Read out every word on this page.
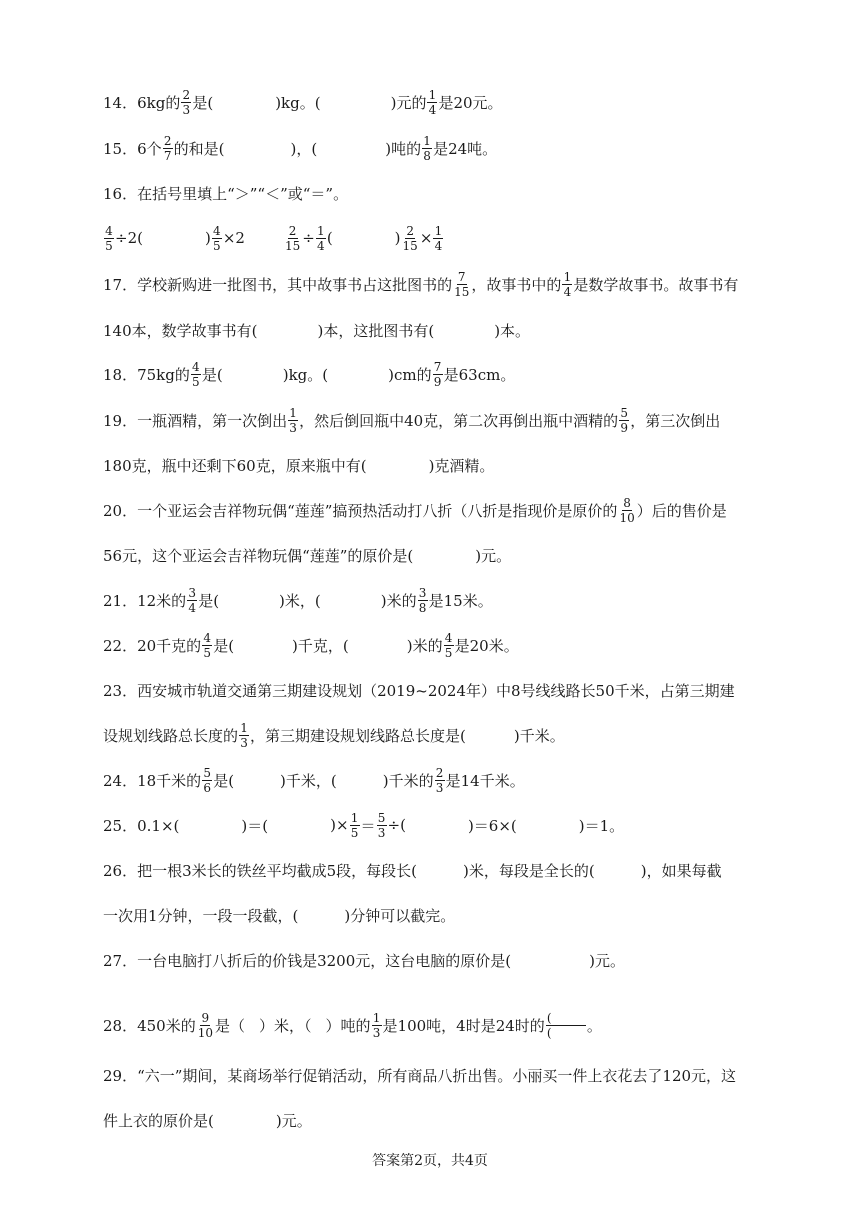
14．6kg的 $\frac{2}{3}$ 是(	)kg。(	)元的 $\frac{1}{4}$ 是20元。
15．6个 $\frac{2}{7}$ 的和是(	)，(	)吨的 $\frac{1}{8}$ 是24吨。
16．在括号里填上“＞”“＜”或“＝”。
$\frac{4}{5} \div 2$(	) $\frac{4}{5} \times 2$	$\frac{2}{15} \div \frac{1}{4}$ (	) $\frac{2}{15} \times \frac{1}{4}$
17．学校新购进一批图书，其中故事书占这批图书的 $\frac{7}{15}$ ，故事书中的 $\frac{1}{4}$ 是数学故事书。故事书有
140本，数学故事书有(	)本，这批图书有(	)本。
18．75kg的 $\frac{4}{5}$ 是(	)kg。(	)cm的 $\frac{7}{9}$ 是63cm。
19．一瓶酒精，第一次倒出 $\frac{1}{3}$ ，然后倒回瓶中40克，第二次再倒出瓶中酒精的 $\frac{5}{9}$ ，第三次倒出
180克，瓶中还剩下60克，原来瓶中有(	)克酒精。
20．一个亚运会吉祥物玩偶“莲莲”搞预热活动打八折（八折是指现价是原价的 $\frac{8}{10}$ ）后的售价是
56元，这个亚运会吉祥物玩偶“莲莲”的原价是(	)元。
21．12米的 $\frac{3}{4}$ 是(	)米，(	)米的 $\frac{3}{8}$ 是15米。
22．20千克的 $\frac{4}{5}$ 是(	)千克，(	)米的 $\frac{4}{5}$ 是20米。
23．西安城市轨道交通第三期建设规划（2019~2024年）中8号线线路长50千米，占第三期建
设规划线路总长度的 $\frac{1}{3}$ ，第三期建设规划线路总长度是(	)千米。
24．18千米的 $\frac{5}{6}$ 是(	)千米，(	)千米的 $\frac{2}{3}$ 是14千米。
25．0.1×(	)＝(	)× $\frac{1}{5} = \frac{5}{3}$ ÷(	)＝6×(	)＝1。
26．把一根3米长的铁丝平均截成5段，每段长(	)米，每段是全长的(	)，如果每截
一次用1分钟，一段一段截，(	)分钟可以截完。
27．一台电脑打八折后的价钱是3200元，这台电脑的原价是(	)元。
28．450米的 $\frac{9}{10}$ 是（ ）米，（ ）吨的 $\frac{1}{3}$ 是100吨，4时是24时的 $\frac{(}{(}$ 。
29．“六一”期间，某商场举行促销活动，所有商品八折出售。小丽买一件上衣花去了120元，这
件上衣的原价是(	)元。
答案第2页，共4页
